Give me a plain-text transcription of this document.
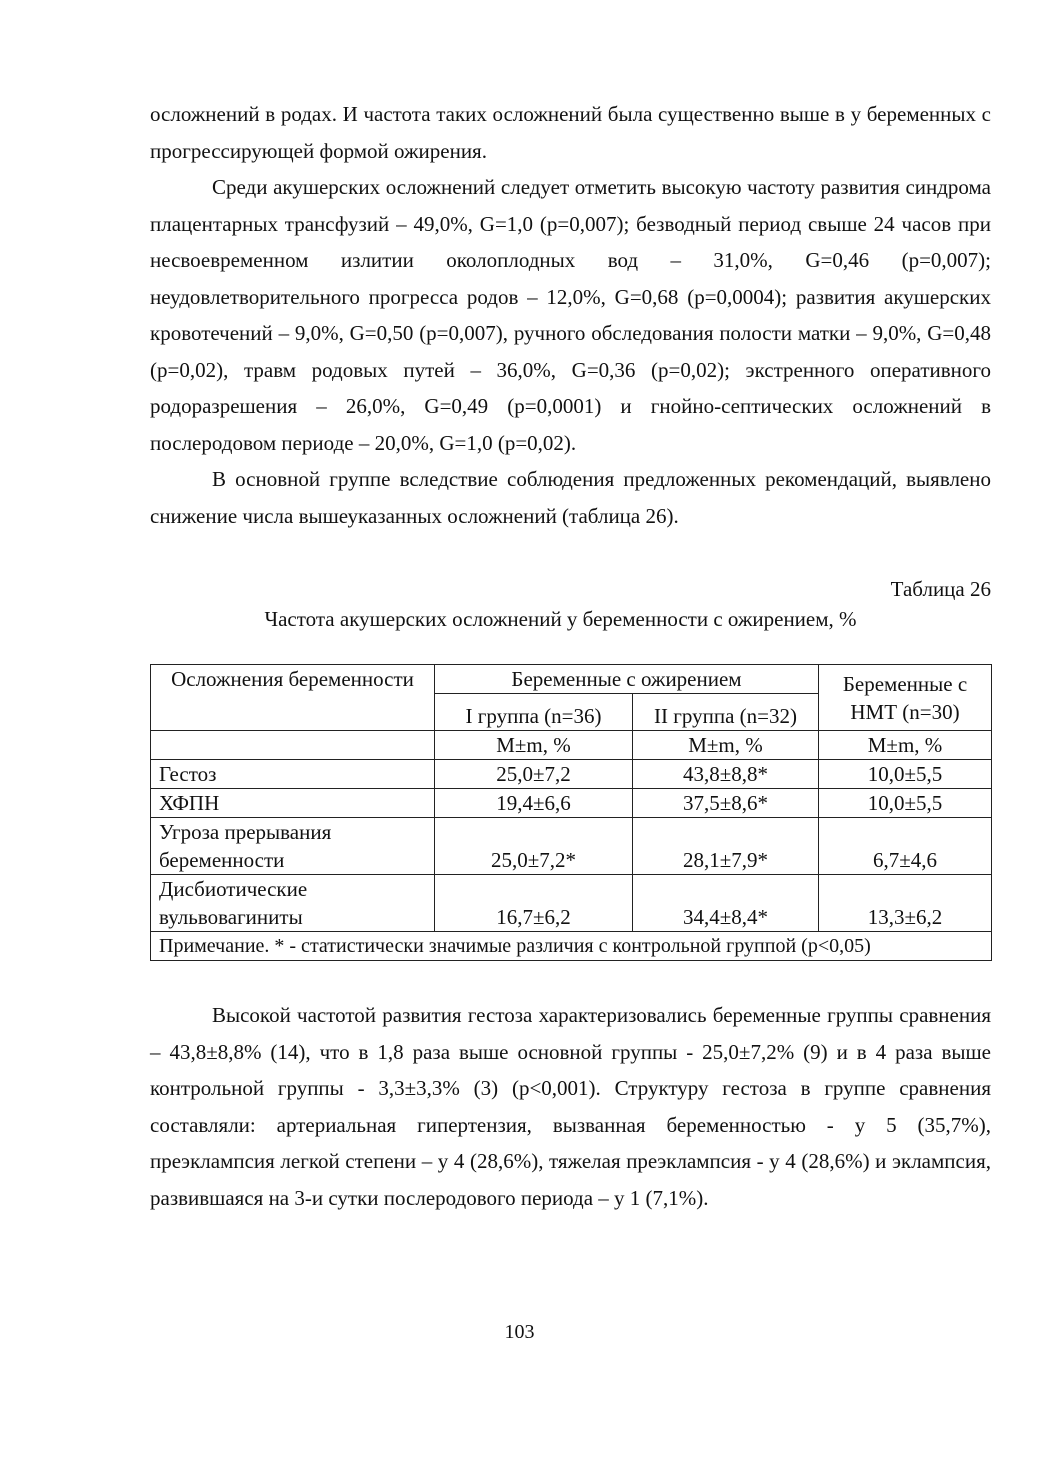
осложнений в родах. И частота таких осложнений была существенно выше в у беременных с прогрессирующей формой ожирения.

Среди акушерских осложнений следует отметить высокую частоту развития синдрома плацентарных трансфузий – 49,0%, G=1,0 (p=0,007); безводный период свыше 24 часов при несвоевременном излитии околоплодных вод – 31,0%, G=0,46 (p=0,007); неудовлетворительного прогресса родов – 12,0%, G=0,68 (p=0,0004); развития акушерских кровотечений – 9,0%, G=0,50 (p=0,007), ручного обследования полости матки – 9,0%, G=0,48 (p=0,02), травм родовых путей – 36,0%, G=0,36 (p=0,02); экстренного оперативного родоразрешения – 26,0%, G=0,49 (p=0,0001) и гнойно-септических осложнений в послеродовом периоде – 20,0%, G=1,0 (p=0,02).

В основной группе вследствие соблюдения предложенных рекомендаций, выявлено снижение числа вышеуказанных осложнений (таблица 26).

Таблица 26
Частота акушерских осложнений у беременности с ожирением, %
Осложнения беременности	Беременные с ожирением		Беременные с НМТ (n=30)
	I группа (n=36)	II группа (n=32)	
	M±m, %	M±m, %	M±m, %
Гестоз	25,0±7,2	43,8±8,8*	10,0±5,5
ХФПН	19,4±6,6	37,5±8,6*	10,0±5,5
Угроза прерывания беременности	25,0±7,2*	28,1±7,9*	6,7±4,6
Дисбиотические вульвовагиниты	16,7±6,2	34,4±8,4*	13,3±6,2
Примечание. * - статистически значимые различия с контрольной группой (p<0,05)			

Высокой частотой развития гестоза характеризовались беременные группы сравнения – 43,8±8,8% (14), что в 1,8 раза выше основной группы - 25,0±7,2% (9) и в 4 раза выше контрольной группы - 3,3±3,3% (3) (p<0,001). Структуру гестоза в группе сравнения составляли: артериальная гипертензия, вызванная беременностью - у 5 (35,7%), преэклампсия легкой степени – у 4 (28,6%), тяжелая преэклампсия - у 4 (28,6%) и эклампсия, развившаяся на 3-и сутки послеродового периода – у 1 (7,1%).

103
